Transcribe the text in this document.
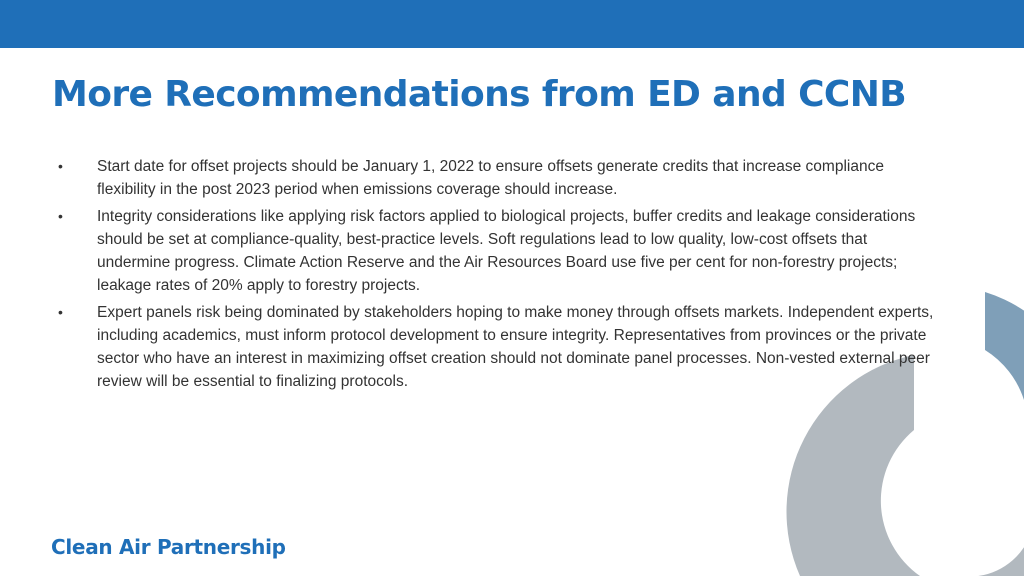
More Recommendations from ED and CCNB
•	Start date for offset projects should be January 1, 2022 to ensure offsets generate credits that increase compliance flexibility in the post 2023 period when emissions coverage should increase.
•	Integrity considerations like applying risk factors applied to biological projects, buffer credits and leakage considerations should be set at compliance-quality, best-practice levels. Soft regulations lead to low quality, low-cost offsets that undermine progress. Climate Action Reserve and the Air Resources Board use five per cent for non-forestry projects; leakage rates of 20% apply to forestry projects.
•	Expert panels risk being dominated by stakeholders hoping to make money through offsets markets. Independent experts, including academics, must inform protocol development to ensure integrity. Representatives from provinces or the private sector who have an interest in maximizing offset creation should not dominate panel processes. Non-vested external peer review will be essential to finalizing protocols.
Clean Air Partnership
